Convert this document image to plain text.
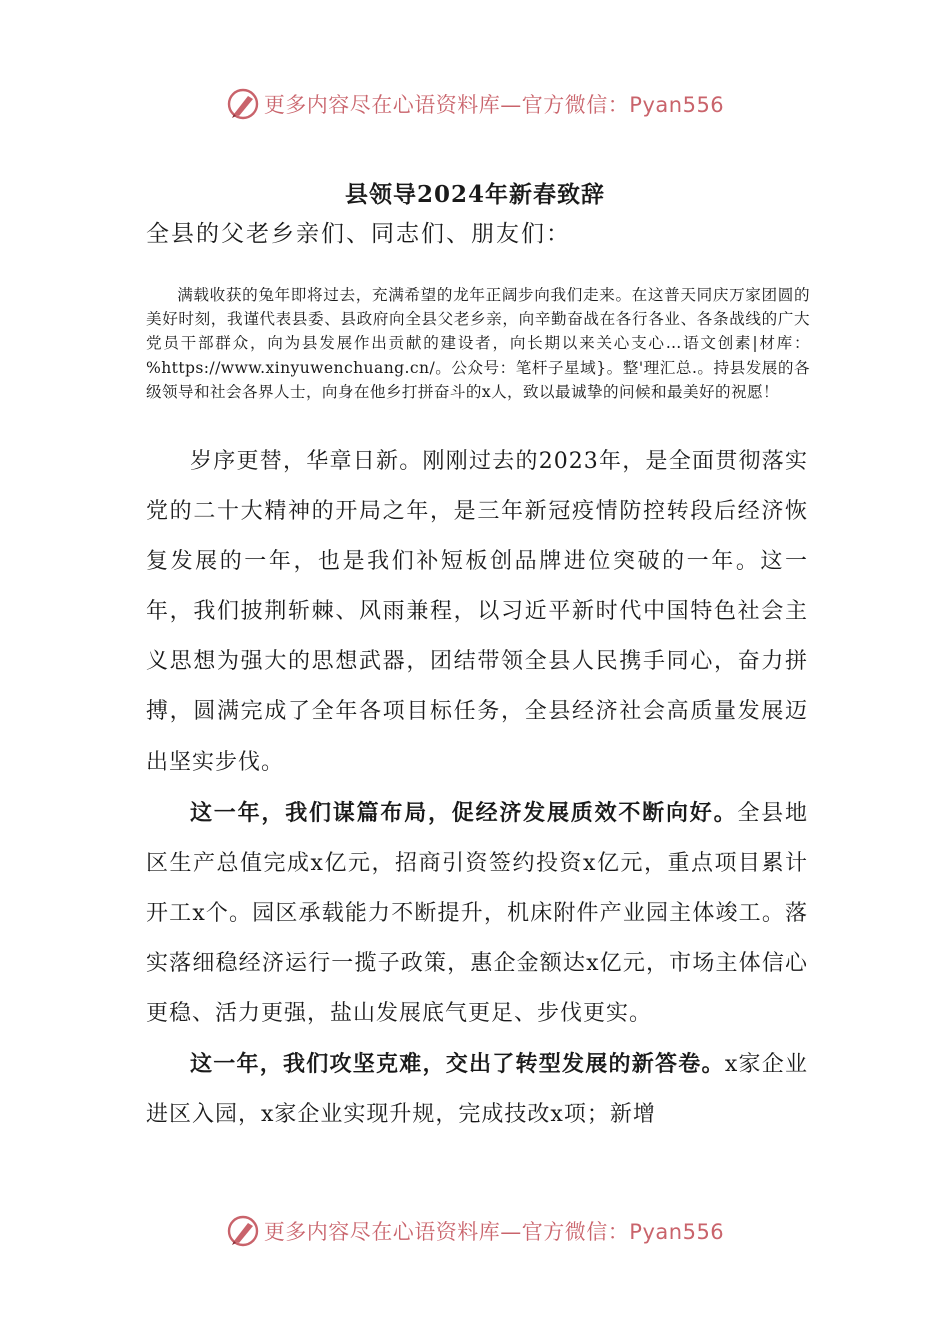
更多内容尽在心语资料库—官方微信：Pyan556
县领导2024年新春致辞
全县的父老乡亲们、同志们、朋友们：

满载收获的兔年即将过去，充满希望的龙年正阔步向我们走来。在这普天同庆万家团圆的美好时刻，我谨代表县委、县政府向全县父老乡亲，向辛勤奋战在各行各业、各条战线的广大党员干部群众，向为县发展作出贡献的建设者，向长期以来关心支心…语文创素|材库：%https://www.xinyuwenchuang.cn/。公众号：笔杆子星域}。整'理汇总.。持县发展的各级领导和社会各界人士，向身在他乡打拼奋斗的x人，致以最诚挚的问候和最美好的祝愿！

岁序更替，华章日新。刚刚过去的2023年，是全面贯彻落实党的二十大精神的开局之年，是三年新冠疫情防控转段后经济恢复发展的一年，也是我们补短板创品牌进位突破的一年。这一年，我们披荆斩棘、风雨兼程，以习近平新时代中国特色社会主义思想为强大的思想武器，团结带领全县人民携手同心，奋力拼搏，圆满完成了全年各项目标任务，全县经济社会高质量发展迈出坚实步伐。

这一年，我们谋篇布局，促经济发展质效不断向好。全县地区生产总值完成x亿元，招商引资签约投资x亿元，重点项目累计开工x个。园区承载能力不断提升，机床附件产业园主体竣工。落实落细稳经济运行一揽子政策，惠企金额达x亿元，市场主体信心更稳、活力更强，盐山发展底气更足、步伐更实。

这一年，我们攻坚克难，交出了转型发展的新答卷。x家企业进区入园，x家企业实现升规，完成技改x项；新增

更多内容尽在心语资料库—官方微信：Pyan556
